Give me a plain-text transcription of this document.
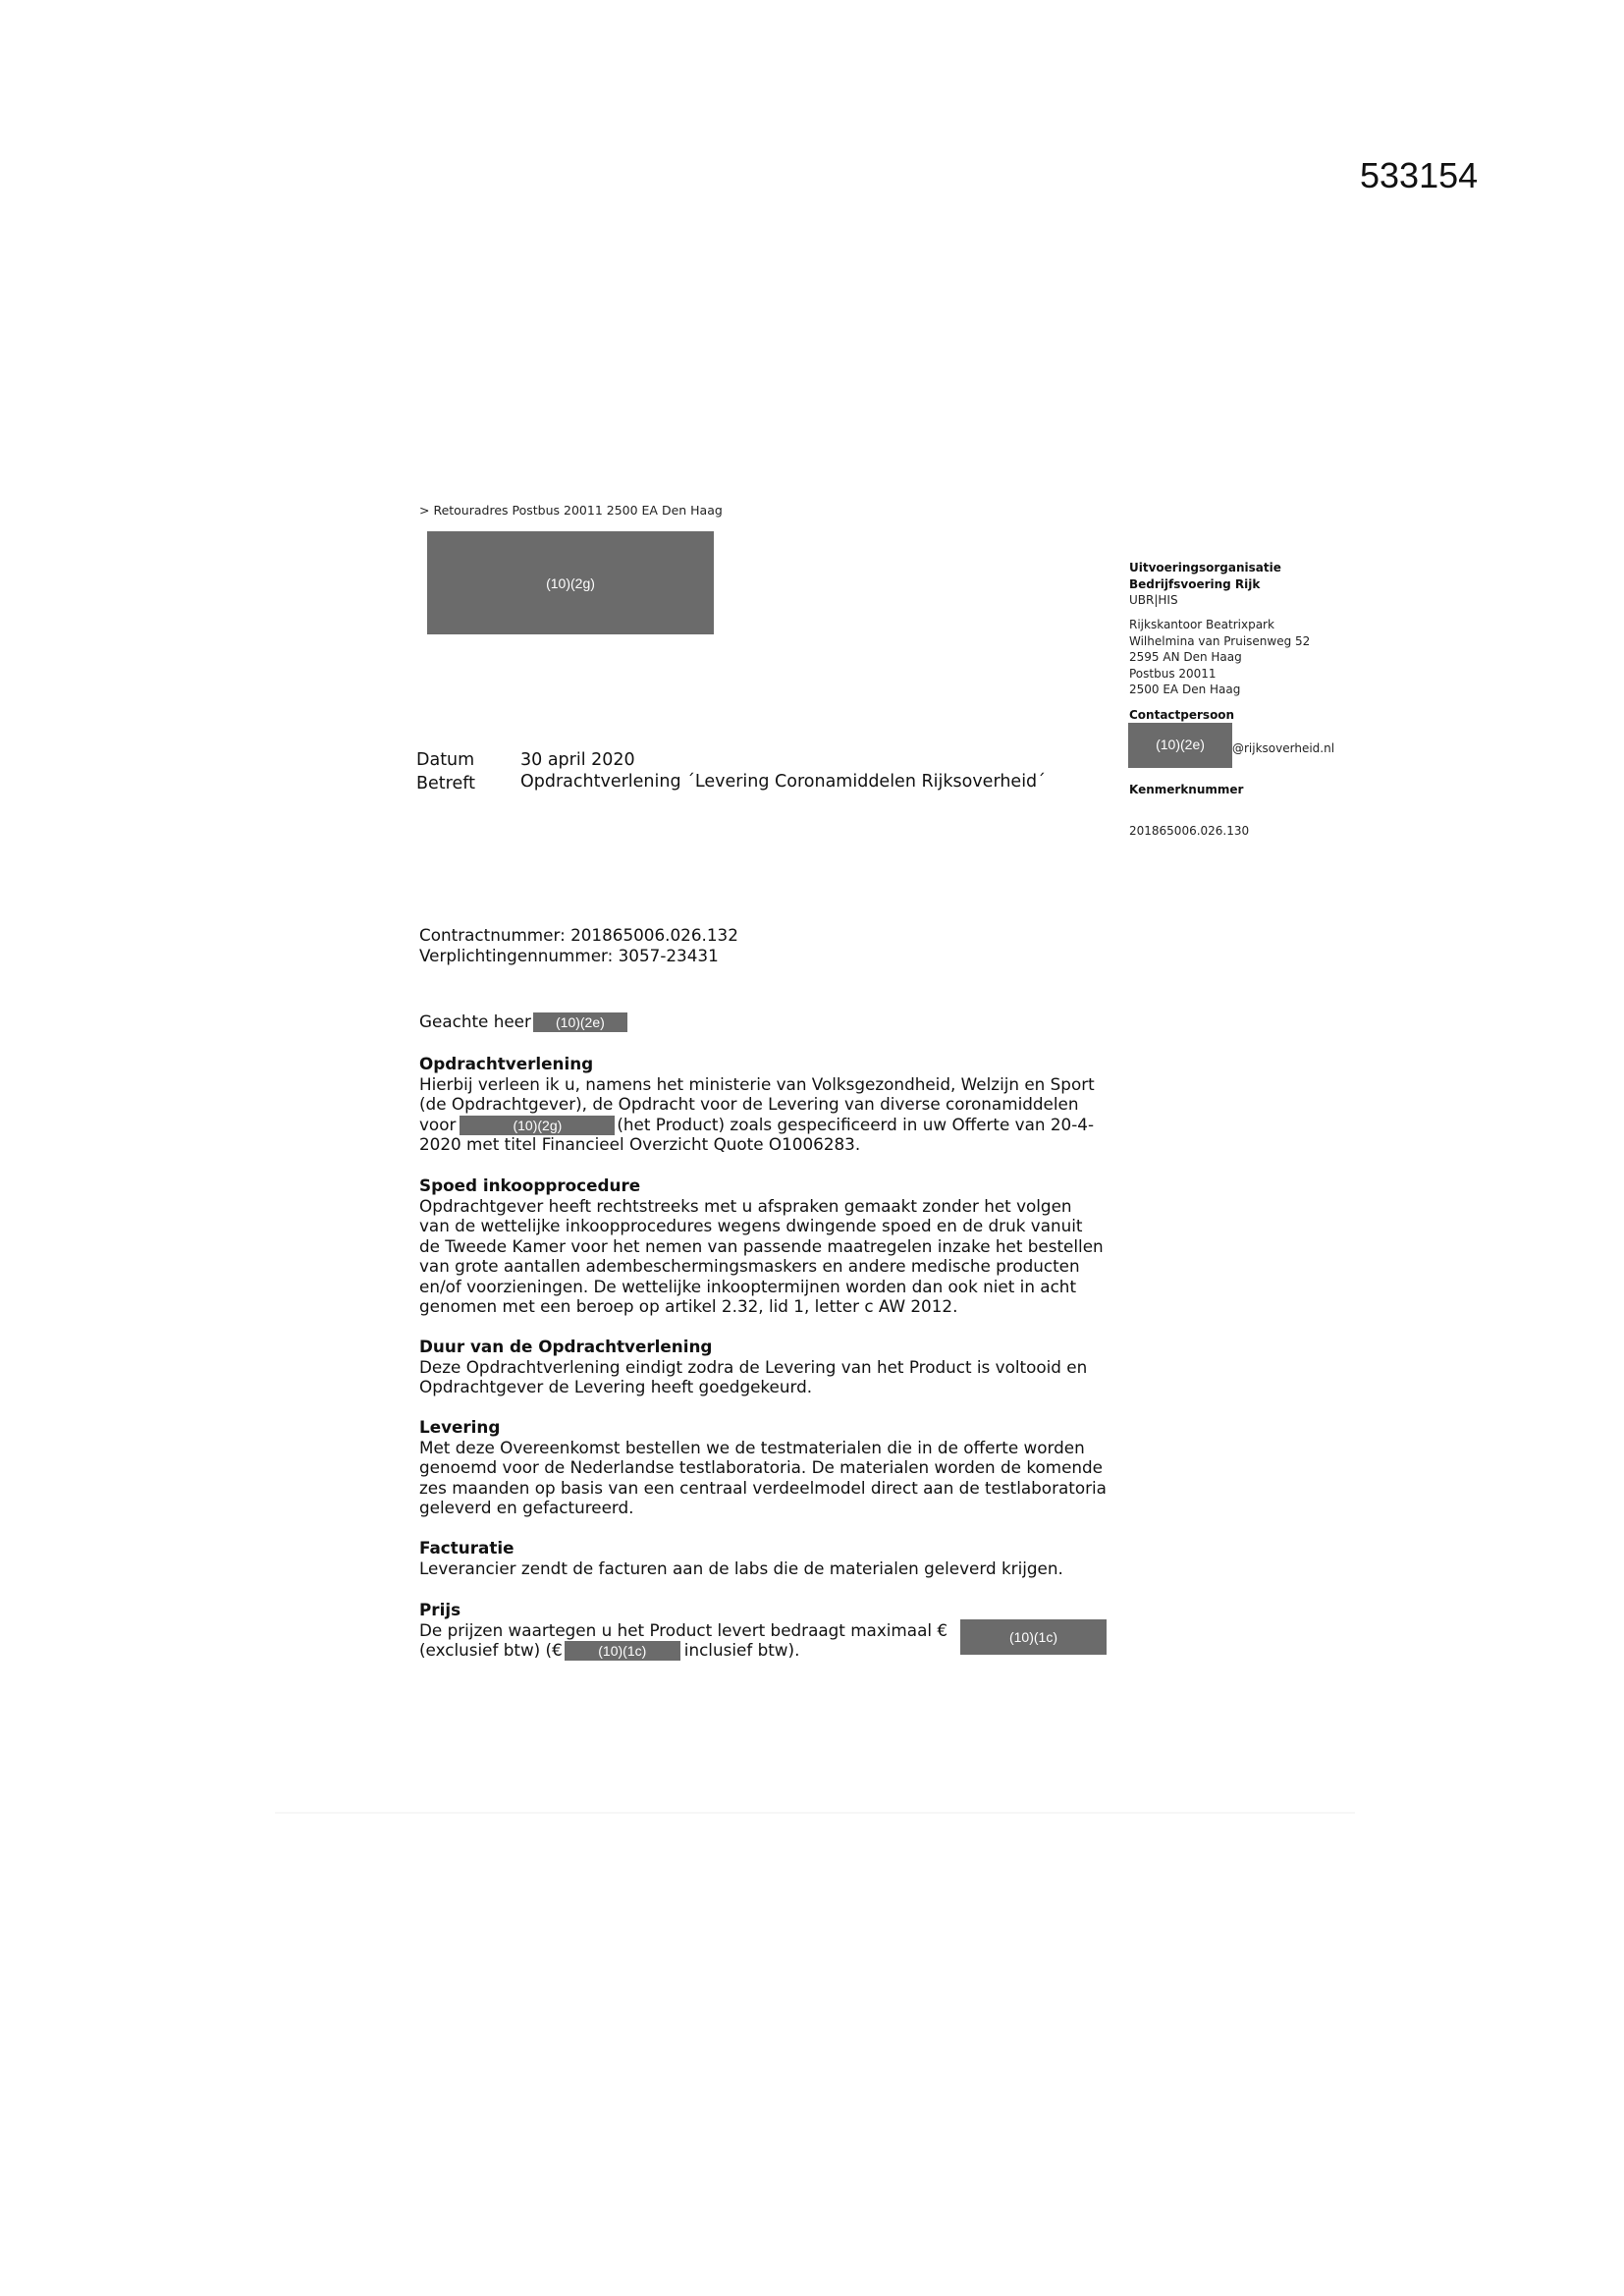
533154
> Retouradres Postbus 20011 2500 EA Den Haag
(10)(2g)
Uitvoeringsorganisatie
Bedrijfsvoering Rijk
UBR|HIS
Rijkskantoor Beatrixpark
Wilhelmina van Pruisenweg 52
2595 AN Den Haag
Postbus 20011
2500 EA Den Haag
Contactpersoon
(10)(2e) @rijksoverheid.nl
Kenmerknummer
201865006.026.130
Datum	30 april 2020
Betreft	Opdrachtverlening ´Levering Coronamiddelen Rijksoverheid´
Contractnummer: 201865006.026.132
Verplichtingennummer: 3057-23431
Geachte heer (10)(2e)
Opdrachtverlening
Hierbij verleen ik u, namens het ministerie van Volksgezondheid, Welzijn en Sport
(de Opdrachtgever), de Opdracht voor de Levering van diverse coronamiddelen
voor	(10)(2g)	(het Product) zoals gespecificeerd in uw Offerte van 20-4-
2020 met titel Financieel Overzicht Quote O1006283.
Spoed inkoopprocedure
Opdrachtgever heeft rechtstreeks met u afspraken gemaakt zonder het volgen
van de wettelijke inkoopprocedures wegens dwingende spoed en de druk vanuit
de Tweede Kamer voor het nemen van passende maatregelen inzake het bestellen
van grote aantallen adembeschermingsmaskers en andere medische producten
en/of voorzieningen. De wettelijke inkooptermijnen worden dan ook niet in acht
genomen met een beroep op artikel 2.32, lid 1, letter c AW 2012.
Duur van de Opdrachtverlening
Deze Opdrachtverlening eindigt zodra de Levering van het Product is voltooid en
Opdrachtgever de Levering heeft goedgekeurd.
Levering
Met deze Overeenkomst bestellen we de testmaterialen die in de offerte worden
genoemd voor de Nederlandse testlaboratoria. De materialen worden de komende
zes maanden op basis van een centraal verdeelmodel direct aan de testlaboratoria
geleverd en gefactureerd.
Facturatie
Leverancier zendt de facturen aan de labs die de materialen geleverd krijgen.
Prijs
De prijzen waartegen u het Product levert bedraagt maximaal €
(exclusief btw) (€	(10)(1c) inclusief btw).
(10)(1c)
